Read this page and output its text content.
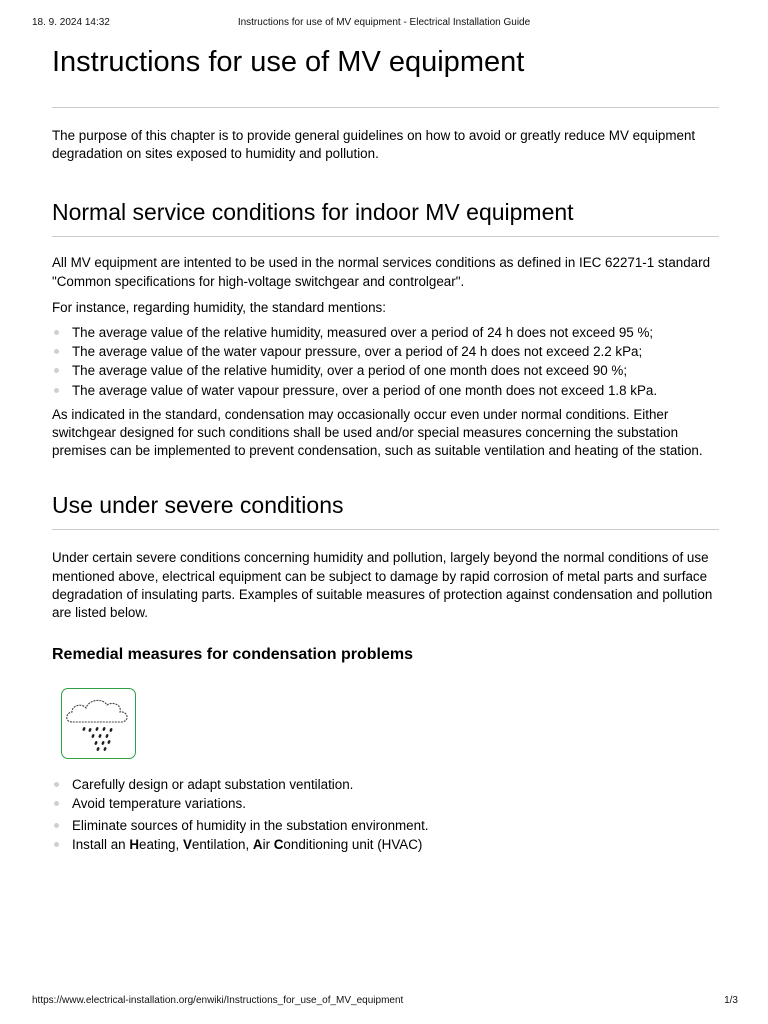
18. 9. 2024 14:32	Instructions for use of MV equipment - Electrical Installation Guide
Instructions for use of MV equipment

The purpose of this chapter is to provide general guidelines on how to avoid or greatly reduce MV equipment degradation on sites exposed to humidity and pollution.

Normal service conditions for indoor MV equipment

All MV equipment are intented to be used in the normal services conditions as defined in IEC 62271-1 standard "Common specifications for high-voltage switchgear and controlgear".

For instance, regarding humidity, the standard mentions:

The average value of the relative humidity, measured over a period of 24 h does not exceed 95 %;
The average value of the water vapour pressure, over a period of 24 h does not exceed 2.2 kPa;
The average value of the relative humidity, over a period of one month does not exceed 90 %;
The average value of water vapour pressure, over a period of one month does not exceed 1.8 kPa.

As indicated in the standard, condensation may occasionally occur even under normal conditions. Either switchgear designed for such conditions shall be used and/or special measures concerning the substation premises can be implemented to prevent condensation, such as suitable ventilation and heating of the station.

Use under severe conditions

Under certain severe conditions concerning humidity and pollution, largely beyond the normal conditions of use mentioned above, electrical equipment can be subject to damage by rapid corrosion of metal parts and surface degradation of insulating parts. Examples of suitable measures of protection against condensation and pollution are listed below.

Remedial measures for condensation problems
Carefully design or adapt substation ventilation.
Avoid temperature variations.
Eliminate sources of humidity in the substation environment.
Install an Heating, Ventilation, Air Conditioning unit (HVAC)
https://www.electrical-installation.org/enwiki/Instructions_for_use_of_MV_equipment	1/3
